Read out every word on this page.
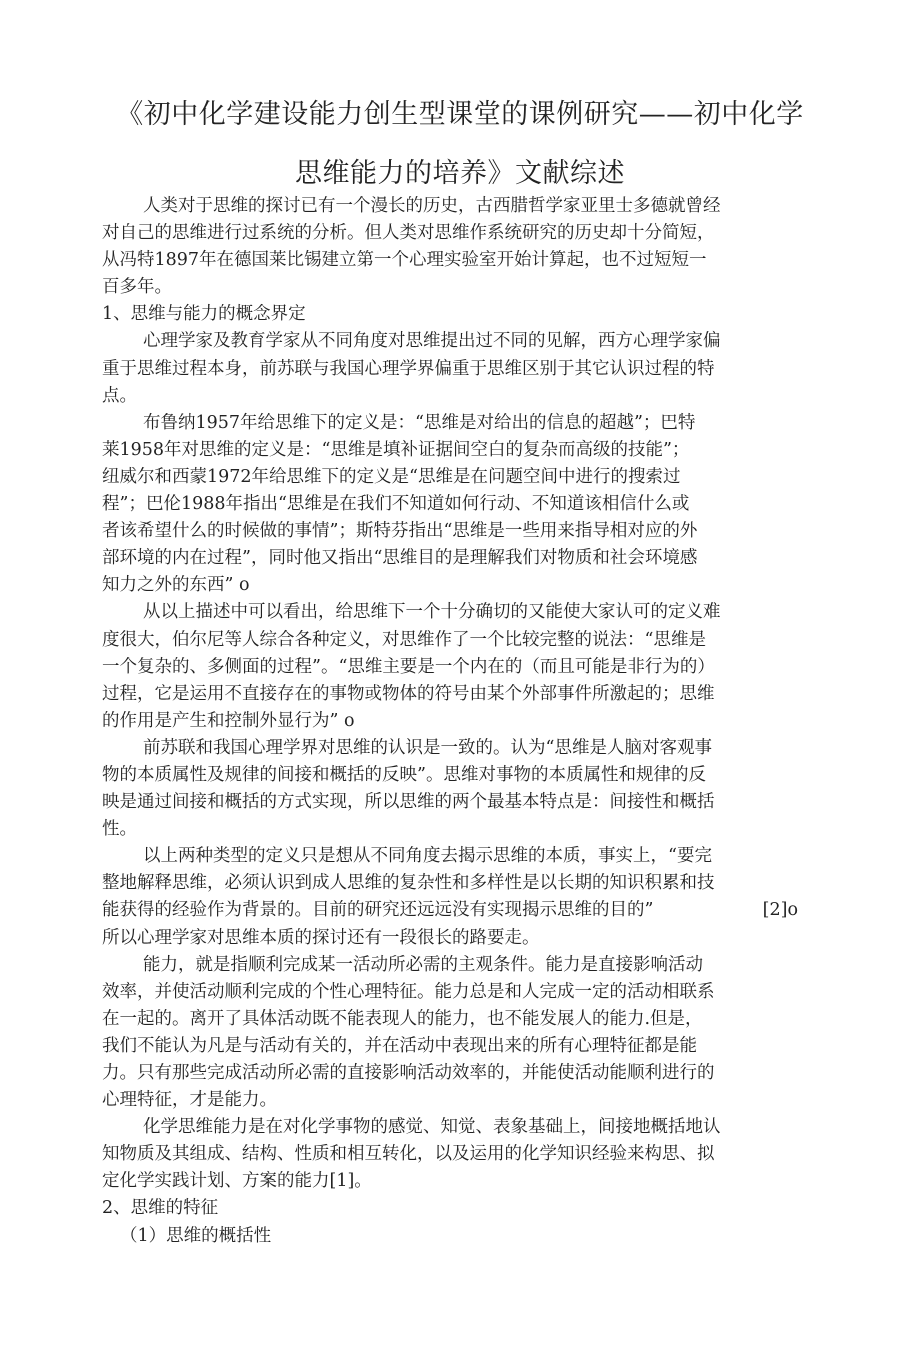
《初中化学建设能力创生型课堂的课例研究——初中化学
思维能力的培养》文献综述
人类对于思维的探讨已有一个漫长的历史，古西腊哲学家亚里士多德就曾经
对自己的思维进行过系统的分析。但人类对思维作系统研究的历史却十分简短，
从冯特1897年在德国莱比锡建立第一个心理实验室开始计算起，也不过短短一
百多年。
1、思维与能力的概念界定
心理学家及教育学家从不同角度对思维提出过不同的见解，西方心理学家偏
重于思维过程本身，前苏联与我国心理学界偏重于思维区别于其它认识过程的特
点。
布鲁纳1957年给思维下的定义是：“思维是对给出的信息的超越”；巴特
莱1958年对思维的定义是：“思维是填补证据间空白的复杂而高级的技能”；
纽威尔和西蒙1972年给思维下的定义是“思维是在问题空间中进行的搜索过
程”；巴伦1988年指出“思维是在我们不知道如何行动、不知道该相信什么或
者该希望什么的时候做的事情”；斯特芬指出“思维是一些用来指导相对应的外
部环境的内在过程”，同时他又指出“思维目的是理解我们对物质和社会环境感
知力之外的东西” o
从以上描述中可以看出，给思维下一个十分确切的又能使大家认可的定义难
度很大，伯尔尼等人综合各种定义，对思维作了一个比较完整的说法：“思维是
一个复杂的、多侧面的过程”。“思维主要是一个内在的（而且可能是非行为的）
过程，它是运用不直接存在的事物或物体的符号由某个外部事件所激起的；思维
的作用是产生和控制外显行为” o
前苏联和我国心理学界对思维的认识是一致的。认为“思维是人脑对客观事
物的本质属性及规律的间接和概括的反映”。思维对事物的本质属性和规律的反
映是通过间接和概括的方式实现，所以思维的两个最基本特点是：间接性和概括
性。
以上两种类型的定义只是想从不同角度去揭示思维的本质，事实上，“要完
整地解释思维，必须认识到成人思维的复杂性和多样性是以长期的知识积累和技
能获得的经验作为背景的。目前的研究还远远没有实现揭示思维的目的”	[2]o
所以心理学家对思维本质的探讨还有一段很长的路要走。
能力，就是指顺利完成某一活动所必需的主观条件。能力是直接影响活动
效率，并使活动顺利完成的个性心理特征。能力总是和人完成一定的活动相联系
在一起的。离开了具体活动既不能表现人的能力，也不能发展人的能力.但是，
我们不能认为凡是与活动有关的，并在活动中表现出来的所有心理特征都是能
力。只有那些完成活动所必需的直接影响活动效率的，并能使活动能顺利进行的
心理特征，才是能力。
化学思维能力是在对化学事物的感觉、知觉、表象基础上，间接地概括地认
知物质及其组成、结构、性质和相互转化，以及运用的化学知识经验来构思、拟
定化学实践计划、方案的能力[1]。
2、思维的特征
（1）思维的概括性
